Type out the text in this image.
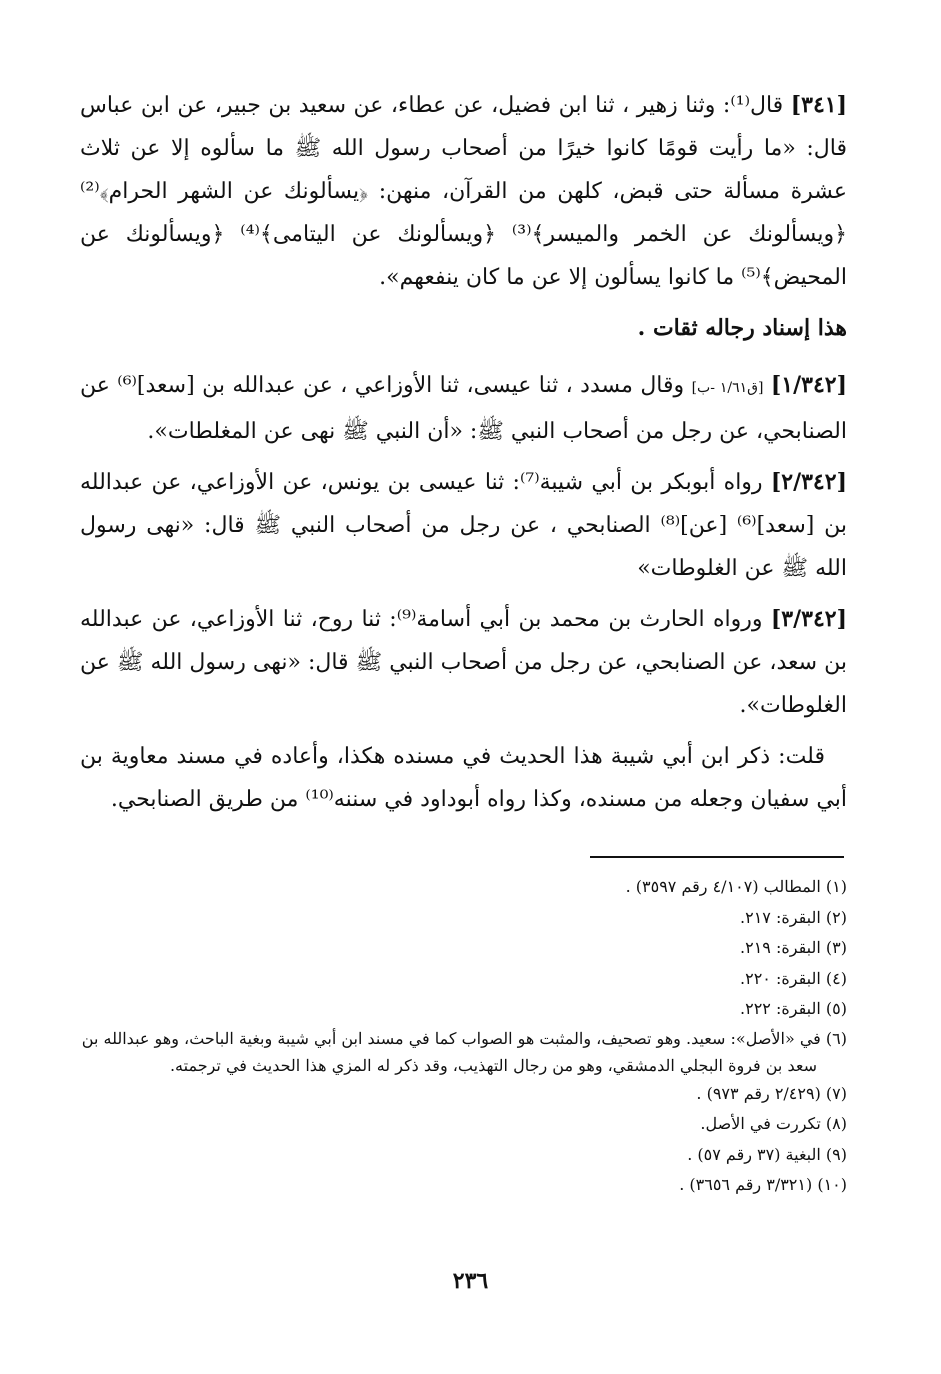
[٣٤١] قال⁽¹⁾: وثنا زهير ، ثنا ابن فضيل، عن عطاء، عن سعيد بن جبير، عن ابن عباس قال: «ما رأيت قومًا كانوا خيرًا من أصحاب رسول الله ﷺ ما سألوه إلا عن ثلاث عشرة مسألة حتى قبض، كلهن من القرآن، منهن: ﴿يسألونك عن الشهر الحرام﴾⁽²⁾ ﴿ويسألونك عن الخمر والميسر﴾⁽³⁾ ﴿ويسألونك عن اليتامى﴾⁽⁴⁾ ﴿ويسألونك عن المحيض﴾⁽⁵⁾ ما كانوا يسألون إلا عن ما كان ينفعهم».

هذا إسناد رجاله ثقات .

[١/٣٤٢] [ق١/٦١ -ب] وقال مسدد ، ثنا عيسى، ثنا الأوزاعي ، عن عبدالله بن [سعد]⁽⁶⁾ عن الصنابحي، عن رجل من أصحاب النبي ﷺ: «أن النبي ﷺ نهى عن المغلطات».

[٢/٣٤٢] رواه أبوبكر بن أبي شيبة⁽⁷⁾: ثنا عيسى بن يونس، عن الأوزاعي، عن عبدالله بن [سعد]⁽⁶⁾ [عن]⁽⁸⁾ الصنابحي ، عن رجل من أصحاب النبي ﷺ قال: «نهى رسول الله ﷺ عن الغلوطات»

[٣/٣٤٢] ورواه الحارث بن محمد بن أبي أسامة⁽⁹⁾: ثنا روح، ثنا الأوزاعي، عن عبدالله بن سعد، عن الصنابحي، عن رجل من أصحاب النبي ﷺ قال: «نهى رسول الله ﷺ عن الغلوطات».

قلت: ذكر ابن أبي شيبة هذا الحديث في مسنده هكذا، وأعاده في مسند معاوية بن أبي سفيان وجعله من مسنده، وكذا رواه أبوداود في سننه⁽¹⁰⁾ من طريق الصنابحي.

(١) المطالب (٤/١٠٧ رقم ٣٥٩٧) .

(٢) البقرة: ٢١٧.

(٣) البقرة: ٢١٩.

(٤) البقرة: ٢٢٠.

(٥) البقرة: ٢٢٢.

(٦) في «الأصل»: سعيد. وهو تصحيف، والمثبت هو الصواب كما في مسند ابن أبي شيبة وبغية الباحث، وهو عبدالله بن سعد بن فروة البجلي الدمشقي، وهو من رجال التهذيب، وقد ذكر له المزي هذا الحديث في ترجمته.

(٧) (٢/٤٢٩ رقم ٩٧٣) .

(٨) تكررت في الأصل.

(٩) البغية (٣٧ رقم ٥٧) .

(١٠) (٣/٣٢١ رقم ٣٦٥٦) .

٢٣٦
